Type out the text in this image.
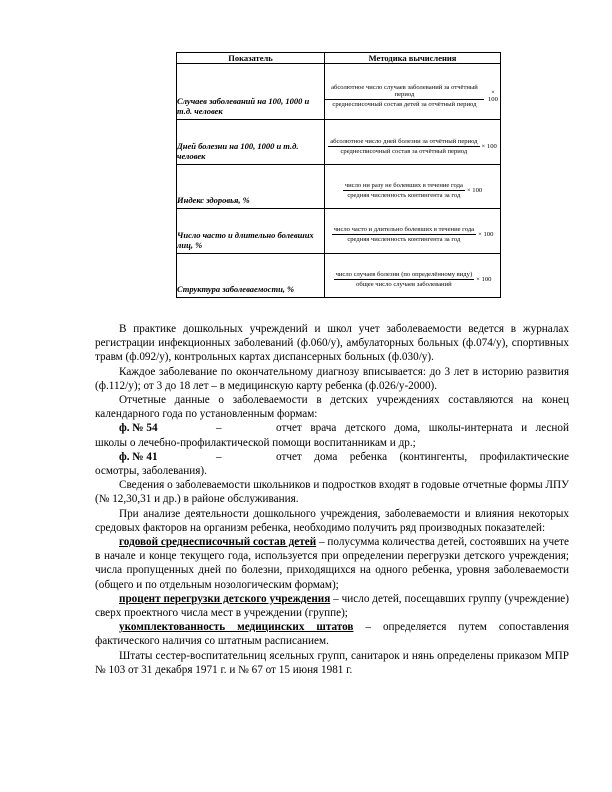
Показатель	Методика вычисления

Случаев заболеваний на 100, 1000 и т.д. человек	$\frac{\text{абсолютное число случаев заболеваний за отчётный период}}{\text{среднесписочный состав детей за отчётный период}} \times 100$

Дней болезни на 100, 1000 и т.д. человек	$\frac{\text{абсолютное число дней болезни за отчётный период}}{\text{среднесписочный состав за отчётный период}} \times 100$

Индекс здоровья, %	$\frac{\text{число ни разу не болевших в течение года}}{\text{средняя численность контингента за год}} \times 100$

Число часто и длительно болевших лиц, %	$\frac{\text{число часто и длительно болевших в течение года}}{\text{средняя численность контингента за год}} \times 100$

Структура заболеваемости, %	$\frac{\text{число случаев болезни (по определённому виду)}}{\text{общее число случаев заболеваний}} \times 100$

В практике дошкольных учреждений и школ учет заболеваемости ведется в журналах регистрации инфекционных заболеваний (ф.060/у), амбулаторных больных (ф.074/у), спортивных травм (ф.092/у), контрольных картах диспансерных больных (ф.030/у).

Каждое заболевание по окончательному диагнозу вписывается: до 3 лет в историю развития (ф.112/у); от 3 до 18 лет – в медицинскую карту ребенка (ф.026/у-2000).

Отчетные данные о заболеваемости в детских учреждениях составляются на конец календарного года по установленным формам:

ф. № 54	–	отчет врача детского дома, школы-интерната и лесной
школы о лечебно-профилактической помощи воспитанникам и др.;
ф. № 41	–	отчет дома ребенка (контингенты, профилактические
осмотры, заболевания).

Сведения о заболеваемости школьников и подростков входят в годовые отчетные формы ЛПУ (№ 12,30,31 и др.) в районе обслуживания.

При анализе деятельности дошкольного учреждения, заболеваемости и влияния некоторых средовых факторов на организм ребенка, необходимо получить ряд производных показателей:

годовой среднесписочный состав детей – полусумма количества детей, состоявших на учете в начале и конце текущего года, используется при определении перегрузки детского учреждения; числа пропущенных дней по болезни, приходящихся на одного ребенка, уровня заболеваемости (общего и по отдельным нозологическим формам);

процент перегрузки детского учреждения – число детей, посещавших группу (учреждение) сверх проектного числа мест в учреждении (группе);

укомплектованность медицинских штатов – определяется путем сопоставления фактического наличия со штатным расписанием.

Штаты сестер-воспитательниц ясельных групп, санитарок и нянь определены приказом МПР № 103 от 31 декабря 1971 г. и № 67 от 15 июня 1981 г.
